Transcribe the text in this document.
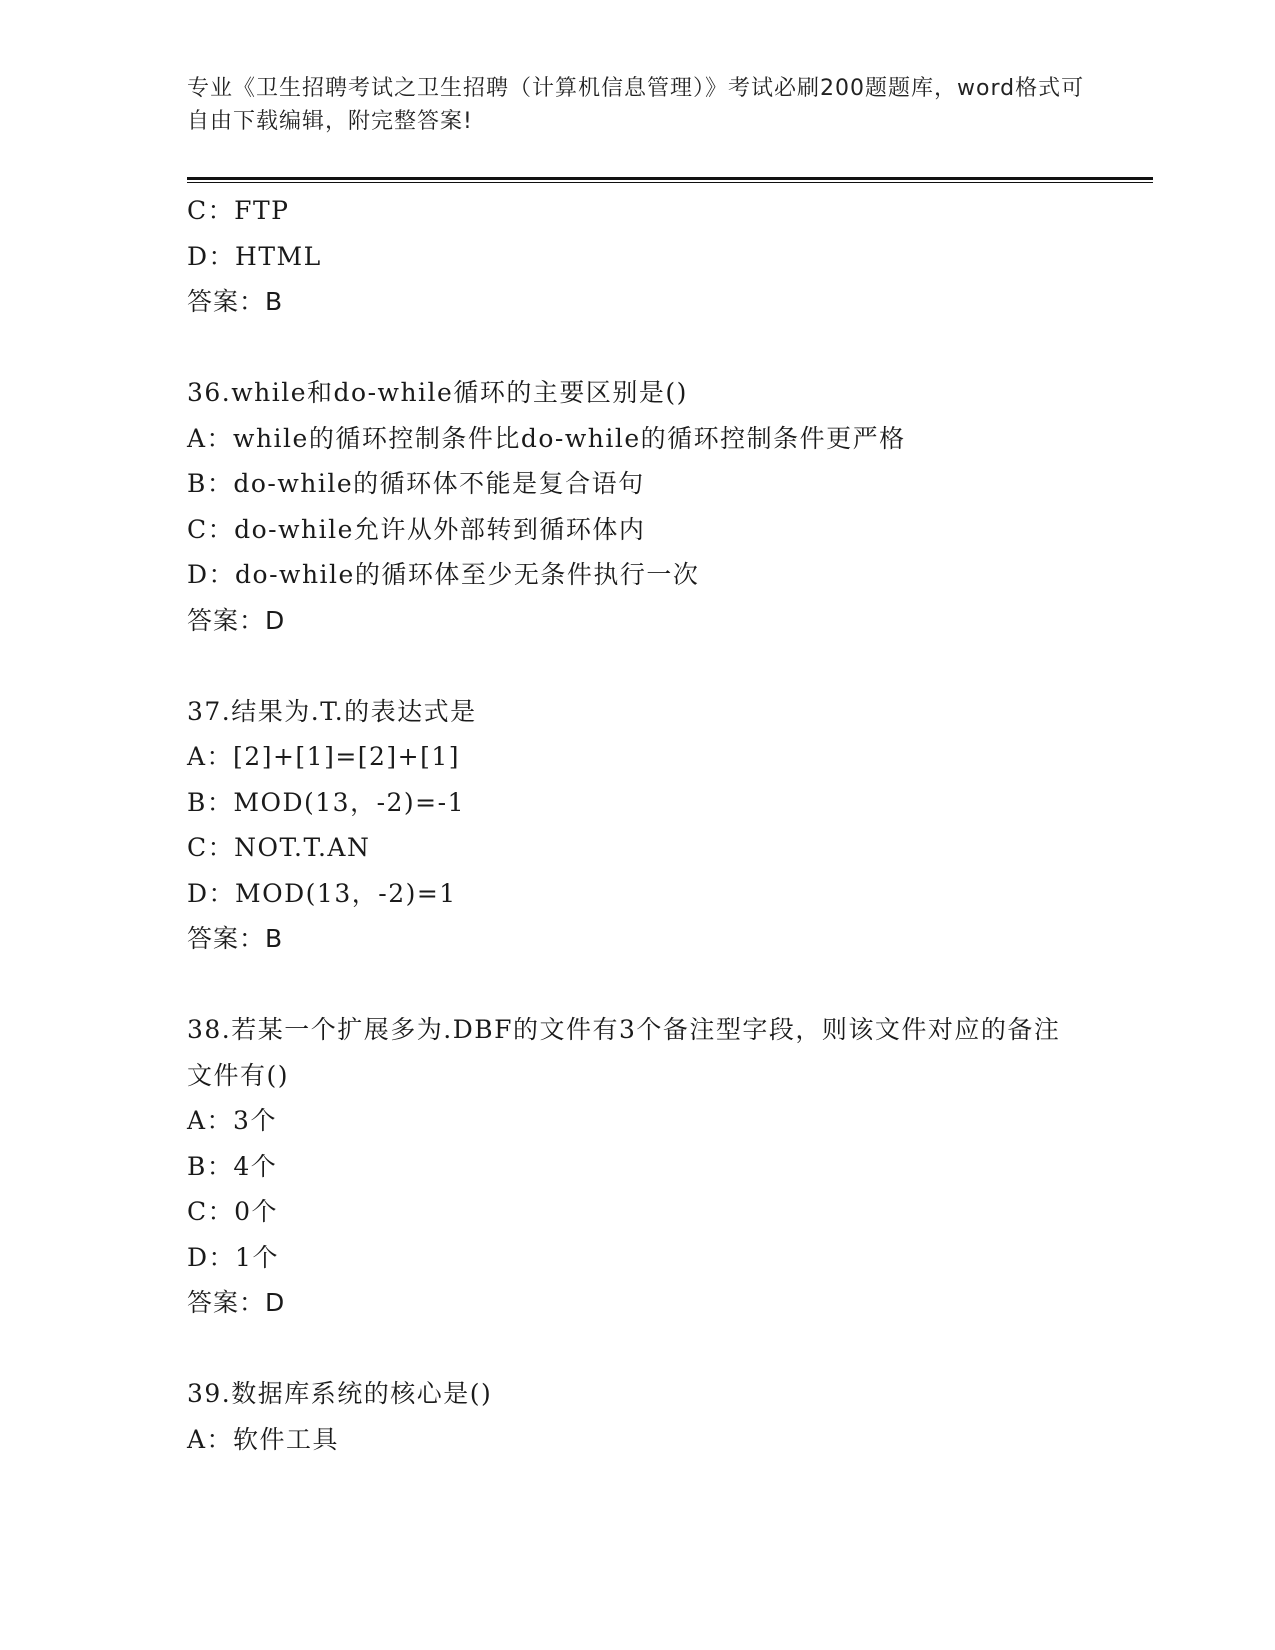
专业《卫生招聘考试之卫生招聘（计算机信息管理）》考试必刷200题题库，word格式可自由下载编辑，附完整答案!
C：FTP
D：HTML
答案：B
36.while和do-while循环的主要区别是()
A：while的循环控制条件比do-while的循环控制条件更严格
B：do-while的循环体不能是复合语句
C：do-while允许从外部转到循环体内
D：do-while的循环体至少无条件执行一次
答案：D
37.结果为.T.的表达式是
A：[2]+[1]=[2]+[1]
B：MOD(13，-2)=-1
C：NOT.T.AN
D：MOD(13，-2)=1
答案：B
38.若某一个扩展多为.DBF的文件有3个备注型字段，则该文件对应的备注文件有()
A：3个
B：4个
C：0个
D：1个
答案：D
39.数据库系统的核心是()
A：软件工具
